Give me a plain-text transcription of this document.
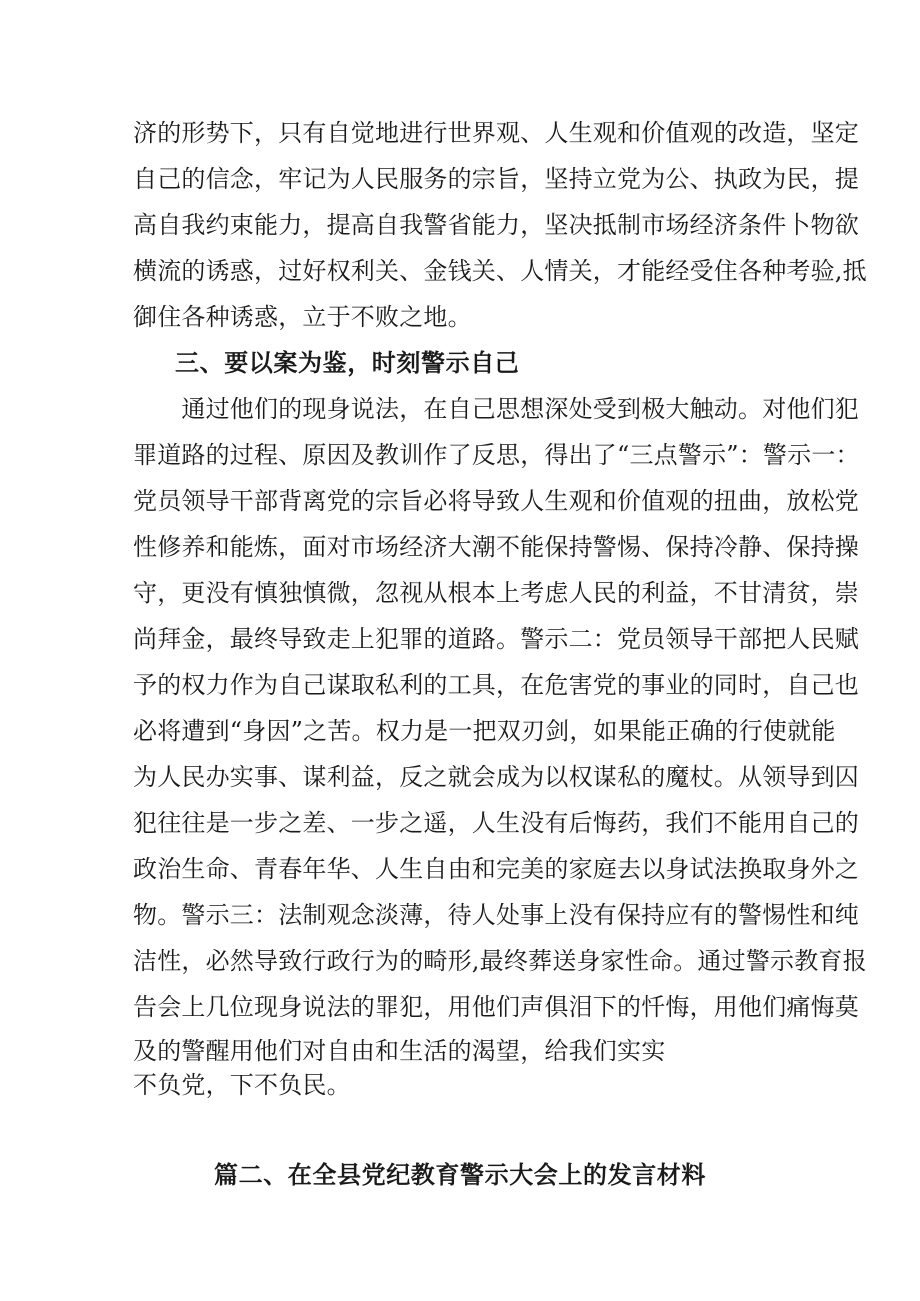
济的形势下，只有自觉地进行世界观、人生观和价值观的改造，坚定
自己的信念，牢记为人民服务的宗旨，坚持立党为公、执政为民，提
高自我约束能力，提高自我警省能力，坚决抵制市场经济条件卜物欲
横流的诱惑，过好权利关、金钱关、人情关，才能经受住各种考验,抵
御住各种诱惑，立于不败之地。
三、要以案为鉴，时刻警示自己
　　通过他们的现身说法，在自己思想深处受到极大触动。对他们犯
罪道路的过程、原因及教训作了反思，得出了“三点警示”：警示一：
党员领导干部背离党的宗旨必将导致人生观和价值观的扭曲，放松党
性修养和能炼，面对市场经济大潮不能保持警惕、保持冷静、保持操
守，更没有慎独慎微，忽视从根本上考虑人民的利益，不甘清贫，崇
尚拜金，最终导致走上犯罪的道路。警示二：党员领导干部把人民赋
予的权力作为自己谋取私利的工具，在危害党的事业的同时，自己也
必将遭到“身因”之苦。权力是一把双刃剑，如果能正确的行使就能
为人民办实事、谋利益，反之就会成为以权谋私的魔杖。从领导到囚
犯往往是一步之差、一步之遥，人生没有后悔药，我们不能用自己的
政治生命、青春年华、人生自由和完美的家庭去以身试法换取身外之
物。警示三：法制观念淡薄，待人处事上没有保持应有的警惕性和纯
洁性，必然导致行政行为的畸形,最终葬送身家性命。通过警示教育报
告会上几位现身说法的罪犯，用他们声俱泪下的忏悔，用他们痛悔莫
及的警醒用他们对自由和生活的渴望，给我们实实
不负党，下不负民。
篇二、在全县党纪教育警示大会上的发言材料
